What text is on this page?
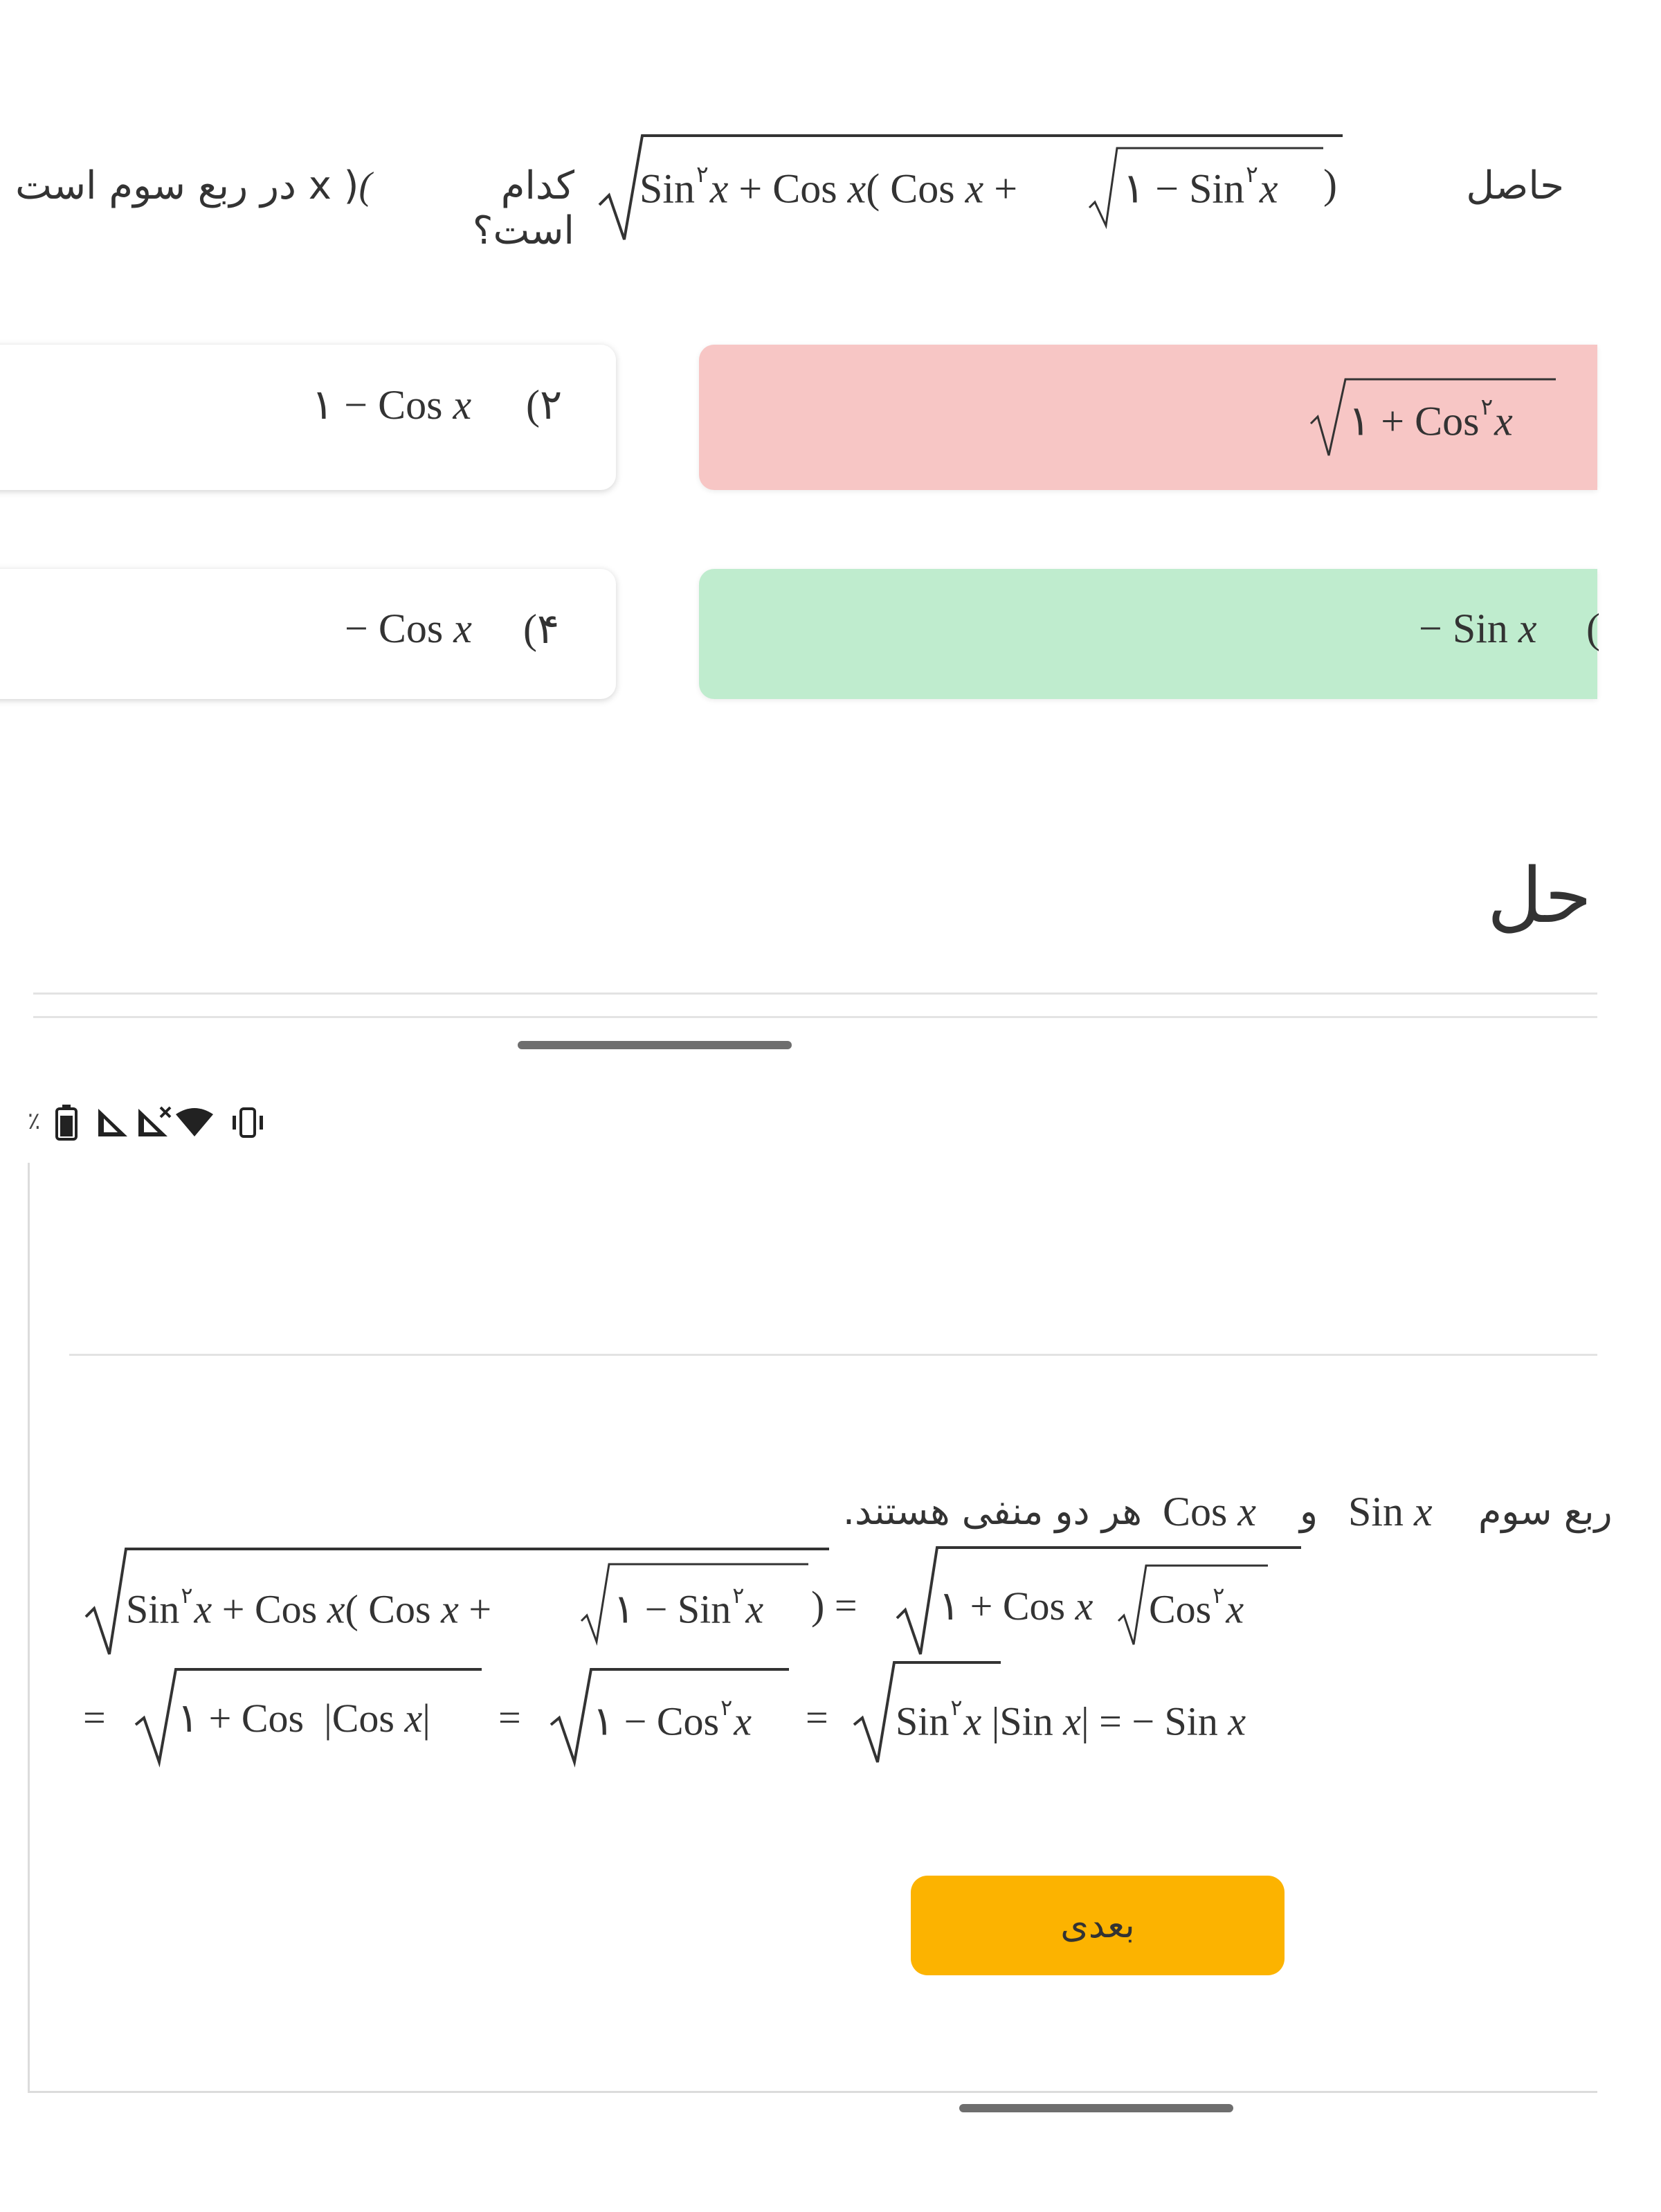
حاصل
Sin$^۲$x + Cos x( Cos x +	۱ − Sin$^۲$x )
کدام است؟
( ( x در ربع سوم است
۱ + Cos$^۲$x
۱ − Cos x (۲
− Sin x (
− Cos x (۴
حل
٪
هر دو منفی هستند. Cos x و Sin x ربع سوم
Sin$^۲$x + Cos x( Cos x +	۱ − Sin$^۲$x ) = ۱ + Cos x Cos$^۲$x
= ۱ + Cos  |Cos x| = ۱ − Cos$^۲$x = Sin$^۲$x |Sin x| = − Sin x
بعدی
